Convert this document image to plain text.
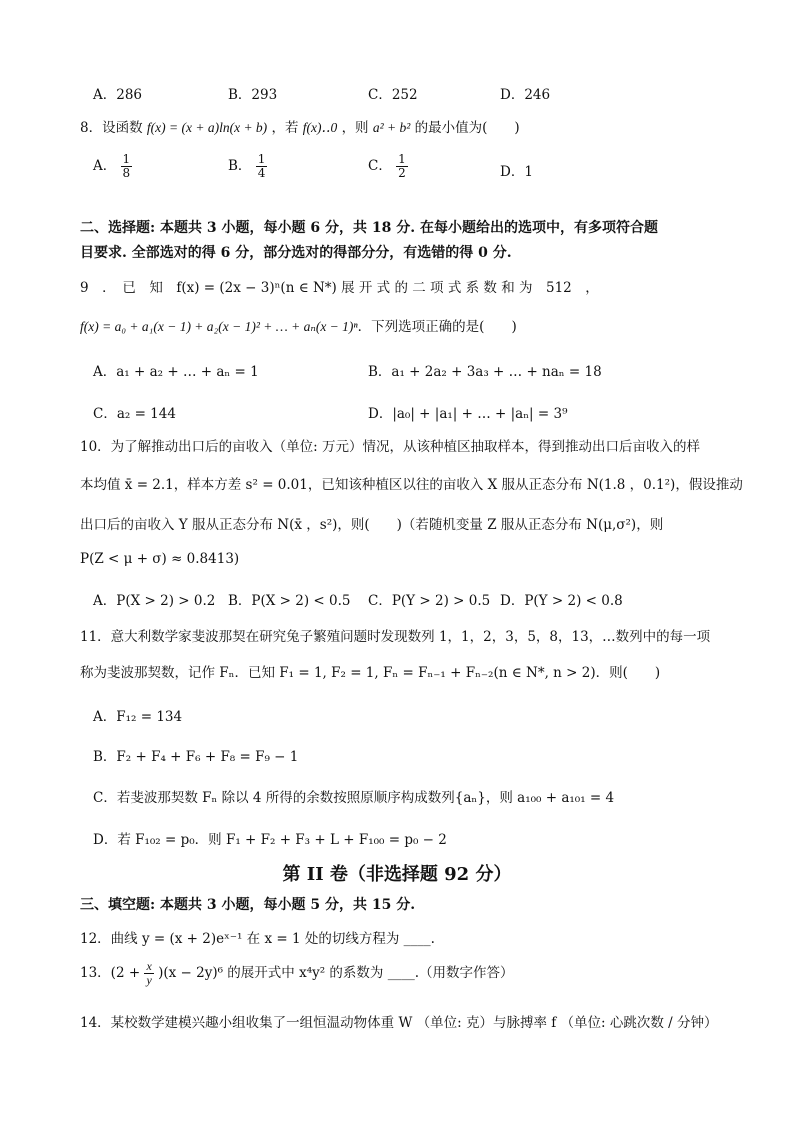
A．286	B．293	C．252	D．246
8．设函数 f(x) = (x + a)ln(x + b) ，若 f(x)‥0 ，则 a² + b² 的最小值为(　　)
A． $\frac{1}{8}$	B． $\frac{1}{4}$	C． $\frac{1}{2}$	D．1
二、选择题: 本题共 3 小题，每小题 6 分，共 18 分. 在每小题给出的选项中，有多项符合题
目要求. 全部选对的得 6 分，部分选对的得部分分，有选错的得 0 分.
9　．　已　知　f(x) = (2x − 3)ⁿ(n ∈ N*) 展 开 式 的 二 项 式 系 数 和 为　512　，
f(x) = a₀ + a₁(x − 1) + a₂(x − 1)² + … + aₙ(x − 1)ⁿ．下列选项正确的是(　　)
A．a₁ + a₂ + … + aₙ = 1	B．a₁ + 2a₂ + 3a₃ + … + naₙ = 18
C．a₂ = 144	D．|a₀| + |a₁| + … + |aₙ| = 3⁹
10．为了解推动出口后的亩收入（单位: 万元）情况，从该种植区抽取样本，得到推动出口后亩收入的样
本均值 x̄ = 2.1，样本方差 s² = 0.01，已知该种植区以往的亩收入 X 服从正态分布 N(1.8 ，0.1²)，假设推动
出口后的亩收入 Y 服从正态分布 N(x̄ ，s²)，则(　　)（若随机变量 Z 服从正态分布 N(μ,σ²)，则
P(Z < μ + σ) ≈ 0.8413)
A．P(X > 2) > 0.2 B．P(X > 2) < 0.5 C．P(Y > 2) > 0.5 D．P(Y > 2) < 0.8
11．意大利数学家斐波那契在研究兔子繁殖问题时发现数列 1，1，2，3，5，8，13，…数列中的每一项
称为斐波那契数，记作 Fₙ．已知 F₁ = 1, F₂ = 1, Fₙ = Fₙ₋₁ + Fₙ₋₂(n ∈ N*, n > 2)．则(　　)
A．F₁₂ = 134
B．F₂ + F₄ + F₆ + F₈ = F₉ − 1
C．若斐波那契数 Fₙ 除以 4 所得的余数按照原顺序构成数列{aₙ}，则 a₁₀₀ + a₁₀₁ = 4
D．若 F₁₀₂ = p₀．则 F₁ + F₂ + F₃ + L + F₁₀₀ = p₀ − 2
第 II 卷（非选择题 92 分）
三、填空题: 本题共 3 小题，每小题 5 分，共 15 分.
12．曲线 y = (x + 2)eˣ⁻¹ 在 x = 1 处的切线方程为 ____.
13．$(2 + \frac{x}{y} )(x - 2y)^6$ 的展开式中 x⁴y² 的系数为 ____.（用数字作答）
14．某校数学建模兴趣小组收集了一组恒温动物体重 W （单位: 克）与脉搏率 f （单位: 心跳次数 / 分钟）
